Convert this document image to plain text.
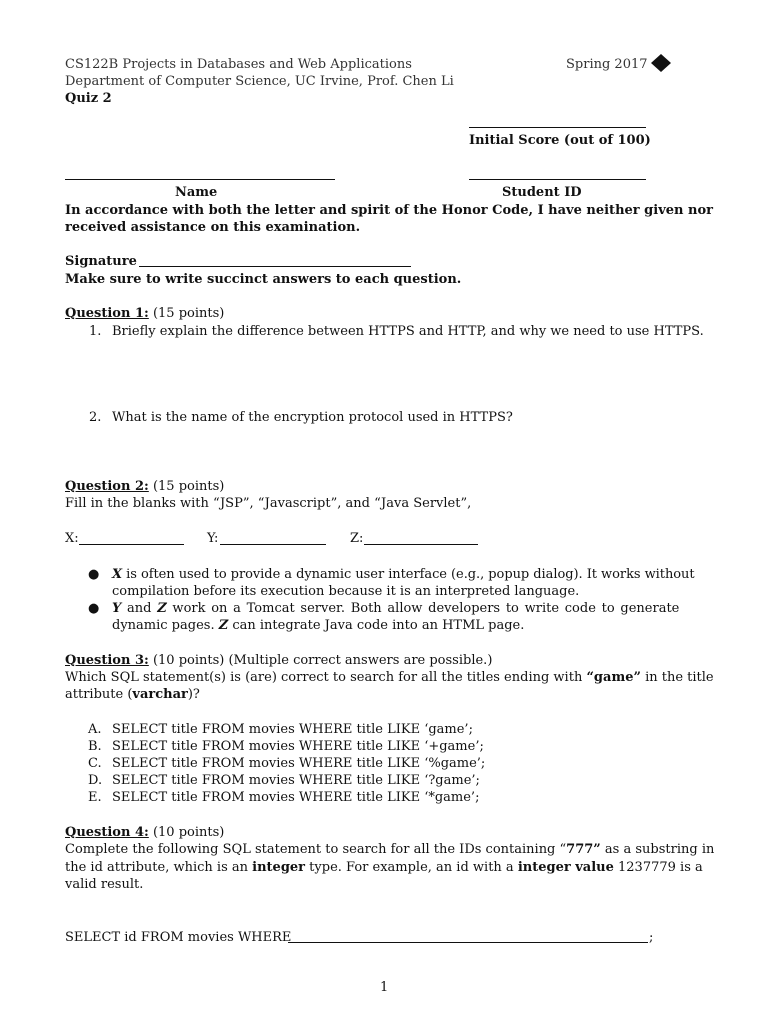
CS122B Projects in Databases and Web Applications	Spring 2017
Department of Computer Science, UC Irvine, Prof. Chen Li
Quiz 2
Initial Score (out of 100)
Name	Student ID
In accordance with both the letter and spirit of the Honor Code, I have neither given nor
received assistance on this examination.
Signature
Make sure to write succinct answers to each question.
Question 1: (15 points)
1. Briefly explain the difference between HTTPS and HTTP, and why we need to use HTTPS.
2. What is the name of the encryption protocol used in HTTPS?
Question 2: (15 points)
Fill in the blanks with “JSP”, “Javascript”, and “Java Servlet”,
X:	Y:	Z:
● X is often used to provide a dynamic user interface (e.g., popup dialog). It works without
compilation before its execution because it is an interpreted language.
● Y and Z work on a Tomcat server. Both allow developers to write code to generate
dynamic pages. Z can integrate Java code into an HTML page.
Question 3: (10 points) (Multiple correct answers are possible.)
Which SQL statement(s) is (are) correct to search for all the titles ending with “game” in the title
attribute (varchar)?
A. SELECT title FROM movies WHERE title LIKE ‘game’;
B. SELECT title FROM movies WHERE title LIKE ‘+game’;
C. SELECT title FROM movies WHERE title LIKE ‘%game’;
D. SELECT title FROM movies WHERE title LIKE ‘?game’;
E. SELECT title FROM movies WHERE title LIKE ‘*game’;
Question 4: (10 points)
Complete the following SQL statement to search for all the IDs containing “777” as a substring in
the id attribute, which is an integer type. For example, an id with a integer value 1237779 is a
valid result.
SELECT id FROM movies WHERE	;
1
